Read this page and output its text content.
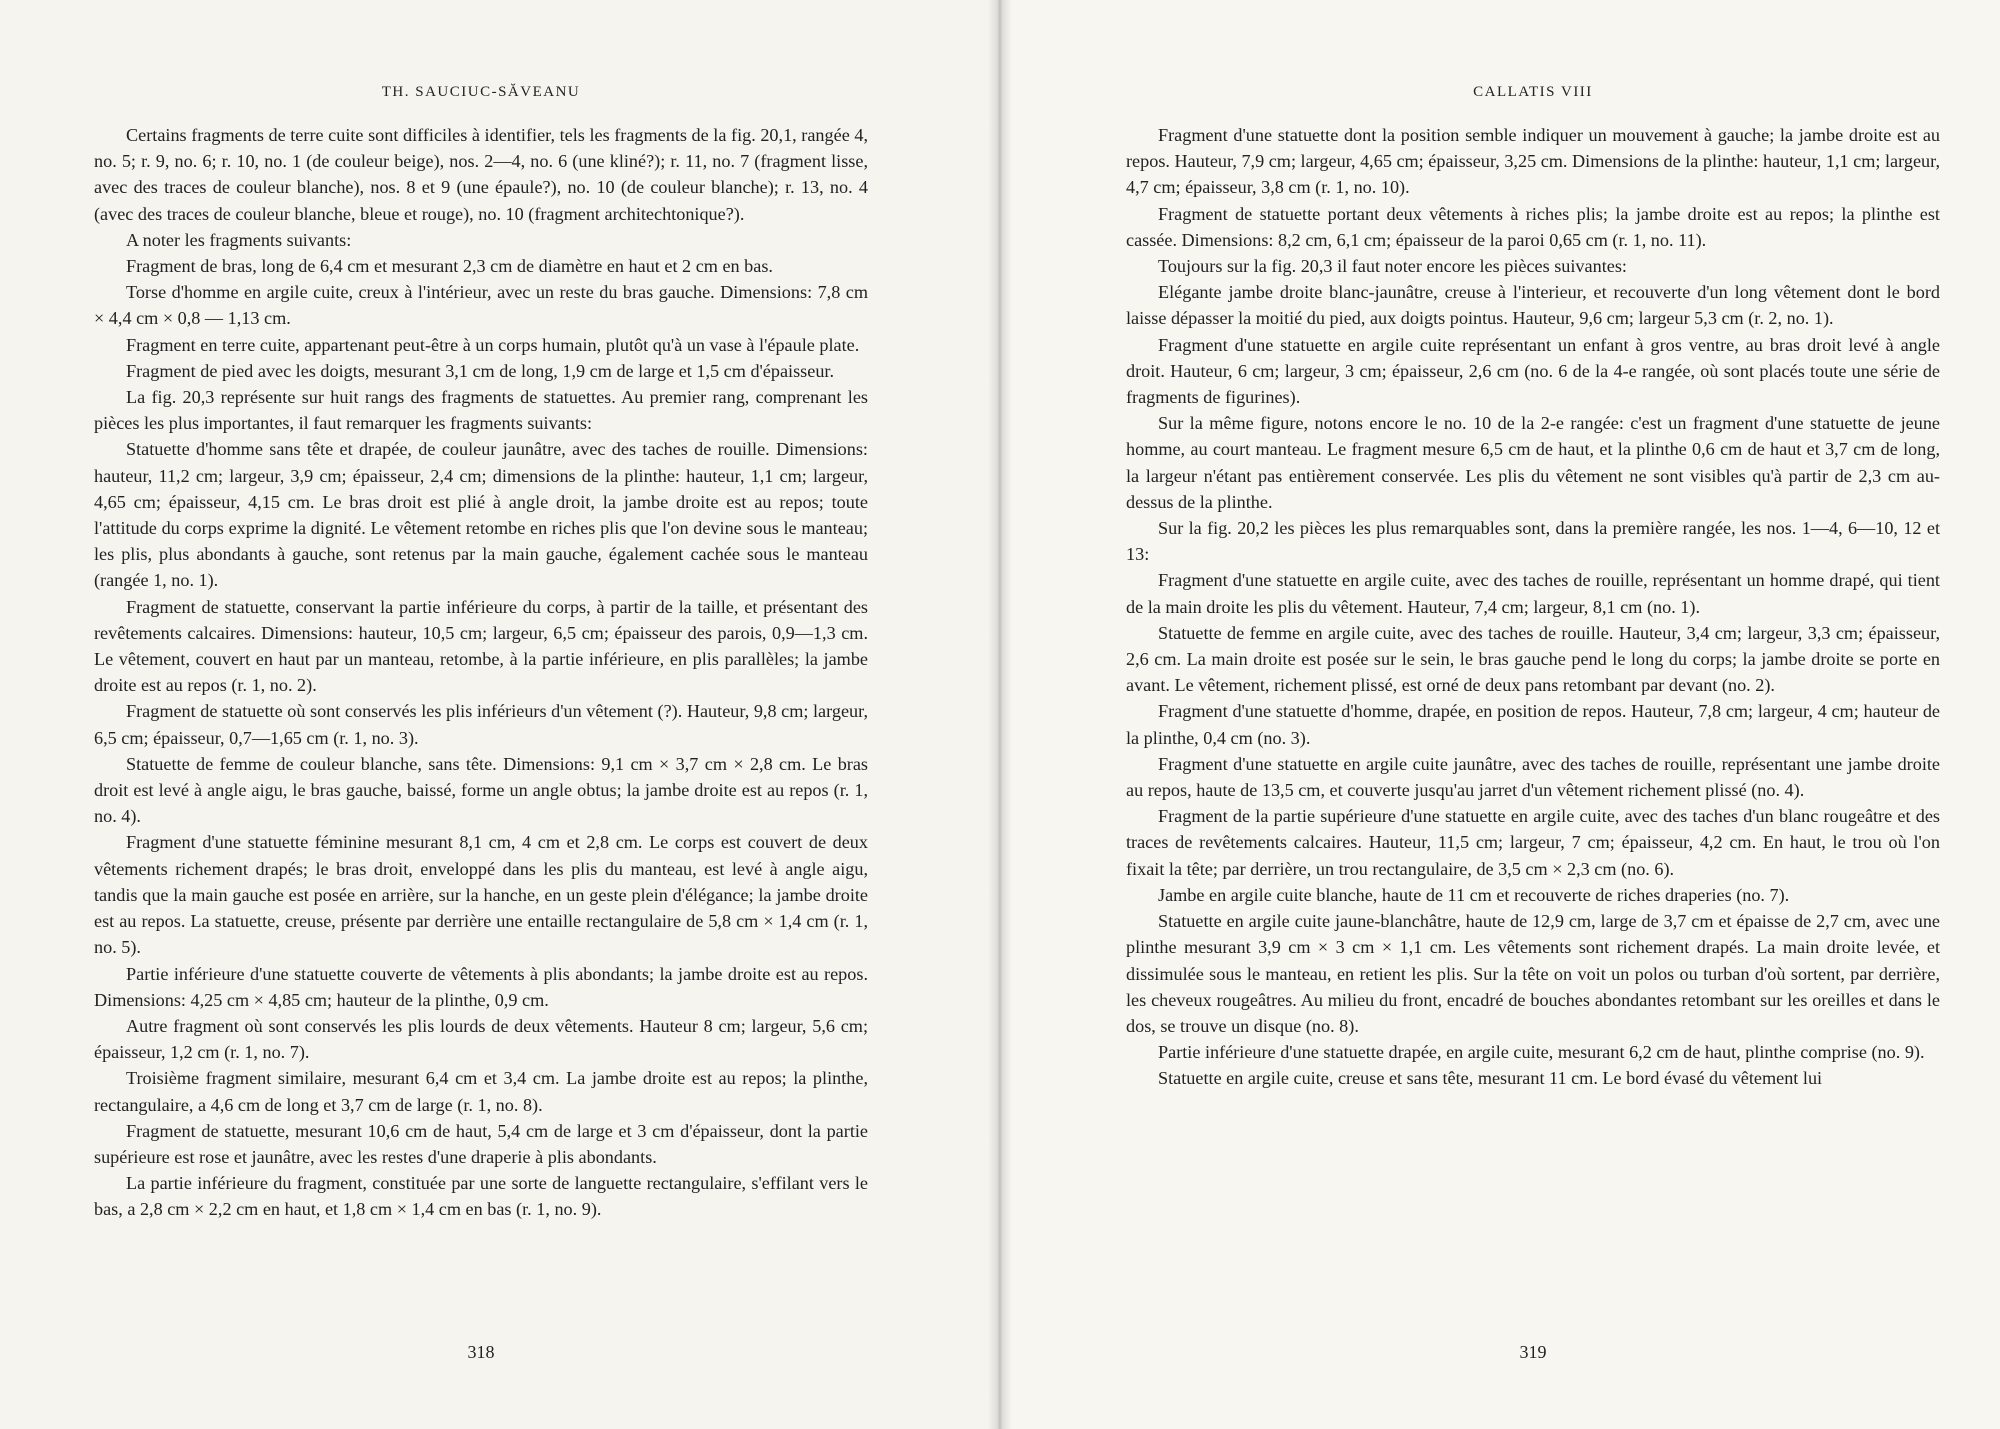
TH. SAUCIUC-SĂVEANU

Certains fragments de terre cuite sont difficiles à identifier, tels les fragments de la fig. 20,1, rangée 4, no. 5; r. 9, no. 6; r. 10, no. 1 (de couleur beige), nos. 2—4, no. 6 (une kliné?); r. 11, no. 7 (fragment lisse, avec des traces de couleur blanche), nos. 8 et 9 (une épaule?), no. 10 (de couleur blanche); r. 13, no. 4 (avec des traces de couleur blanche, bleue et rouge), no. 10 (fragment architechtonique?).

A noter les fragments suivants:

Fragment de bras, long de 6,4 cm et mesurant 2,3 cm de diamètre en haut et 2 cm en bas.

Torse d'homme en argile cuite, creux à l'intérieur, avec un reste du bras gauche. Dimensions: 7,8 cm × 4,4 cm × 0,8 — 1,13 cm.

Fragment en terre cuite, appartenant peut-être à un corps humain, plutôt qu'à un vase à l'épaule plate.

Fragment de pied avec les doigts, mesurant 3,1 cm de long, 1,9 cm de large et 1,5 cm d'épaisseur.

La fig. 20,3 représente sur huit rangs des fragments de statuettes. Au premier rang, comprenant les pièces les plus importantes, il faut remarquer les fragments suivants:

Statuette d'homme sans tête et drapée, de couleur jaunâtre, avec des taches de rouille. Dimensions: hauteur, 11,2 cm; largeur, 3,9 cm; épaisseur, 2,4 cm; dimensions de la plinthe: hauteur, 1,1 cm; largeur, 4,65 cm; épaisseur, 4,15 cm. Le bras droit est plié à angle droit, la jambe droite est au repos; toute l'attitude du corps exprime la dignité. Le vêtement retombe en riches plis que l'on devine sous le manteau; les plis, plus abondants à gauche, sont retenus par la main gauche, également cachée sous le manteau (rangée 1, no. 1).

Fragment de statuette, conservant la partie inférieure du corps, à partir de la taille, et présentant des revêtements calcaires. Dimensions: hauteur, 10,5 cm; largeur, 6,5 cm; épaisseur des parois, 0,9—1,3 cm. Le vêtement, couvert en haut par un manteau, retombe, à la partie inférieure, en plis parallèles; la jambe droite est au repos (r. 1, no. 2).

Fragment de statuette où sont conservés les plis inférieurs d'un vêtement (?). Hauteur, 9,8 cm; largeur, 6,5 cm; épaisseur, 0,7—1,65 cm (r. 1, no. 3).

Statuette de femme de couleur blanche, sans tête. Dimensions: 9,1 cm × 3,7 cm × 2,8 cm. Le bras droit est levé à angle aigu, le bras gauche, baissé, forme un angle obtus; la jambe droite est au repos (r. 1, no. 4).

Fragment d'une statuette féminine mesurant 8,1 cm, 4 cm et 2,8 cm. Le corps est couvert de deux vêtements richement drapés; le bras droit, enveloppé dans les plis du manteau, est levé à angle aigu, tandis que la main gauche est posée en arrière, sur la hanche, en un geste plein d'élégance; la jambe droite est au repos. La statuette, creuse, présente par derrière une entaille rectangulaire de 5,8 cm × 1,4 cm (r. 1, no. 5).

Partie inférieure d'une statuette couverte de vêtements à plis abondants; la jambe droite est au repos. Dimensions: 4,25 cm × 4,85 cm; hauteur de la plinthe, 0,9 cm.

Autre fragment où sont conservés les plis lourds de deux vêtements. Hauteur 8 cm; largeur, 5,6 cm; épaisseur, 1,2 cm (r. 1, no. 7).

Troisième fragment similaire, mesurant 6,4 cm et 3,4 cm. La jambe droite est au repos; la plinthe, rectangulaire, a 4,6 cm de long et 3,7 cm de large (r. 1, no. 8).

Fragment de statuette, mesurant 10,6 cm de haut, 5,4 cm de large et 3 cm d'épaisseur, dont la partie supérieure est rose et jaunâtre, avec les restes d'une draperie à plis abondants.

La partie inférieure du fragment, constituée par une sorte de languette rectangulaire, s'effilant vers le bas, a 2,8 cm × 2,2 cm en haut, et 1,8 cm × 1,4 cm en bas (r. 1, no. 9).

318
CALLATIS VIII

Fragment d'une statuette dont la position semble indiquer un mouvement à gauche; la jambe droite est au repos. Hauteur, 7,9 cm; largeur, 4,65 cm; épaisseur, 3,25 cm. Dimensions de la plinthe: hauteur, 1,1 cm; largeur, 4,7 cm; épaisseur, 3,8 cm (r. 1, no. 10).

Fragment de statuette portant deux vêtements à riches plis; la jambe droite est au repos; la plinthe est cassée. Dimensions: 8,2 cm, 6,1 cm; épaisseur de la paroi 0,65 cm (r. 1, no. 11).

Toujours sur la fig. 20,3 il faut noter encore les pièces suivantes:

Elégante jambe droite blanc-jaunâtre, creuse à l'interieur, et recouverte d'un long vêtement dont le bord laisse dépasser la moitié du pied, aux doigts pointus. Hauteur, 9,6 cm; largeur 5,3 cm (r. 2, no. 1).

Fragment d'une statuette en argile cuite représentant un enfant à gros ventre, au bras droit levé à angle droit. Hauteur, 6 cm; largeur, 3 cm; épaisseur, 2,6 cm (no. 6 de la 4-e rangée, où sont placés toute une série de fragments de figurines).

Sur la même figure, notons encore le no. 10 de la 2-e rangée: c'est un fragment d'une statuette de jeune homme, au court manteau. Le fragment mesure 6,5 cm de haut, et la plinthe 0,6 cm de haut et 3,7 cm de long, la largeur n'étant pas entièrement conservée. Les plis du vêtement ne sont visibles qu'à partir de 2,3 cm au-dessus de la plinthe.

Sur la fig. 20,2 les pièces les plus remarquables sont, dans la première rangée, les nos. 1—4, 6—10, 12 et 13:

Fragment d'une statuette en argile cuite, avec des taches de rouille, représentant un homme drapé, qui tient de la main droite les plis du vêtement. Hauteur, 7,4 cm; largeur, 8,1 cm (no. 1).

Statuette de femme en argile cuite, avec des taches de rouille. Hauteur, 3,4 cm; largeur, 3,3 cm; épaisseur, 2,6 cm. La main droite est posée sur le sein, le bras gauche pend le long du corps; la jambe droite se porte en avant. Le vêtement, richement plissé, est orné de deux pans retombant par devant (no. 2).

Fragment d'une statuette d'homme, drapée, en position de repos. Hauteur, 7,8 cm; largeur, 4 cm; hauteur de la plinthe, 0,4 cm (no. 3).

Fragment d'une statuette en argile cuite jaunâtre, avec des taches de rouille, représentant une jambe droite au repos, haute de 13,5 cm, et couverte jusqu'au jarret d'un vêtement richement plissé (no. 4).

Fragment de la partie supérieure d'une statuette en argile cuite, avec des taches d'un blanc rougeâtre et des traces de revêtements calcaires. Hauteur, 11,5 cm; largeur, 7 cm; épaisseur, 4,2 cm. En haut, le trou où l'on fixait la tête; par derrière, un trou rectangulaire, de 3,5 cm × 2,3 cm (no. 6).

Jambe en argile cuite blanche, haute de 11 cm et recouverte de riches draperies (no. 7).

Statuette en argile cuite jaune-blanchâtre, haute de 12,9 cm, large de 3,7 cm et épaisse de 2,7 cm, avec une plinthe mesurant 3,9 cm × 3 cm × 1,1 cm. Les vêtements sont richement drapés. La main droite levée, et dissimulée sous le manteau, en retient les plis. Sur la tête on voit un polos ou turban d'où sortent, par derrière, les cheveux rougeâtres. Au milieu du front, encadré de bouches abondantes retombant sur les oreilles et dans le dos, se trouve un disque (no. 8).

Partie inférieure d'une statuette drapée, en argile cuite, mesurant 6,2 cm de haut, plinthe comprise (no. 9).

Statuette en argile cuite, creuse et sans tête, mesurant 11 cm. Le bord évasé du vêtement lui

319
